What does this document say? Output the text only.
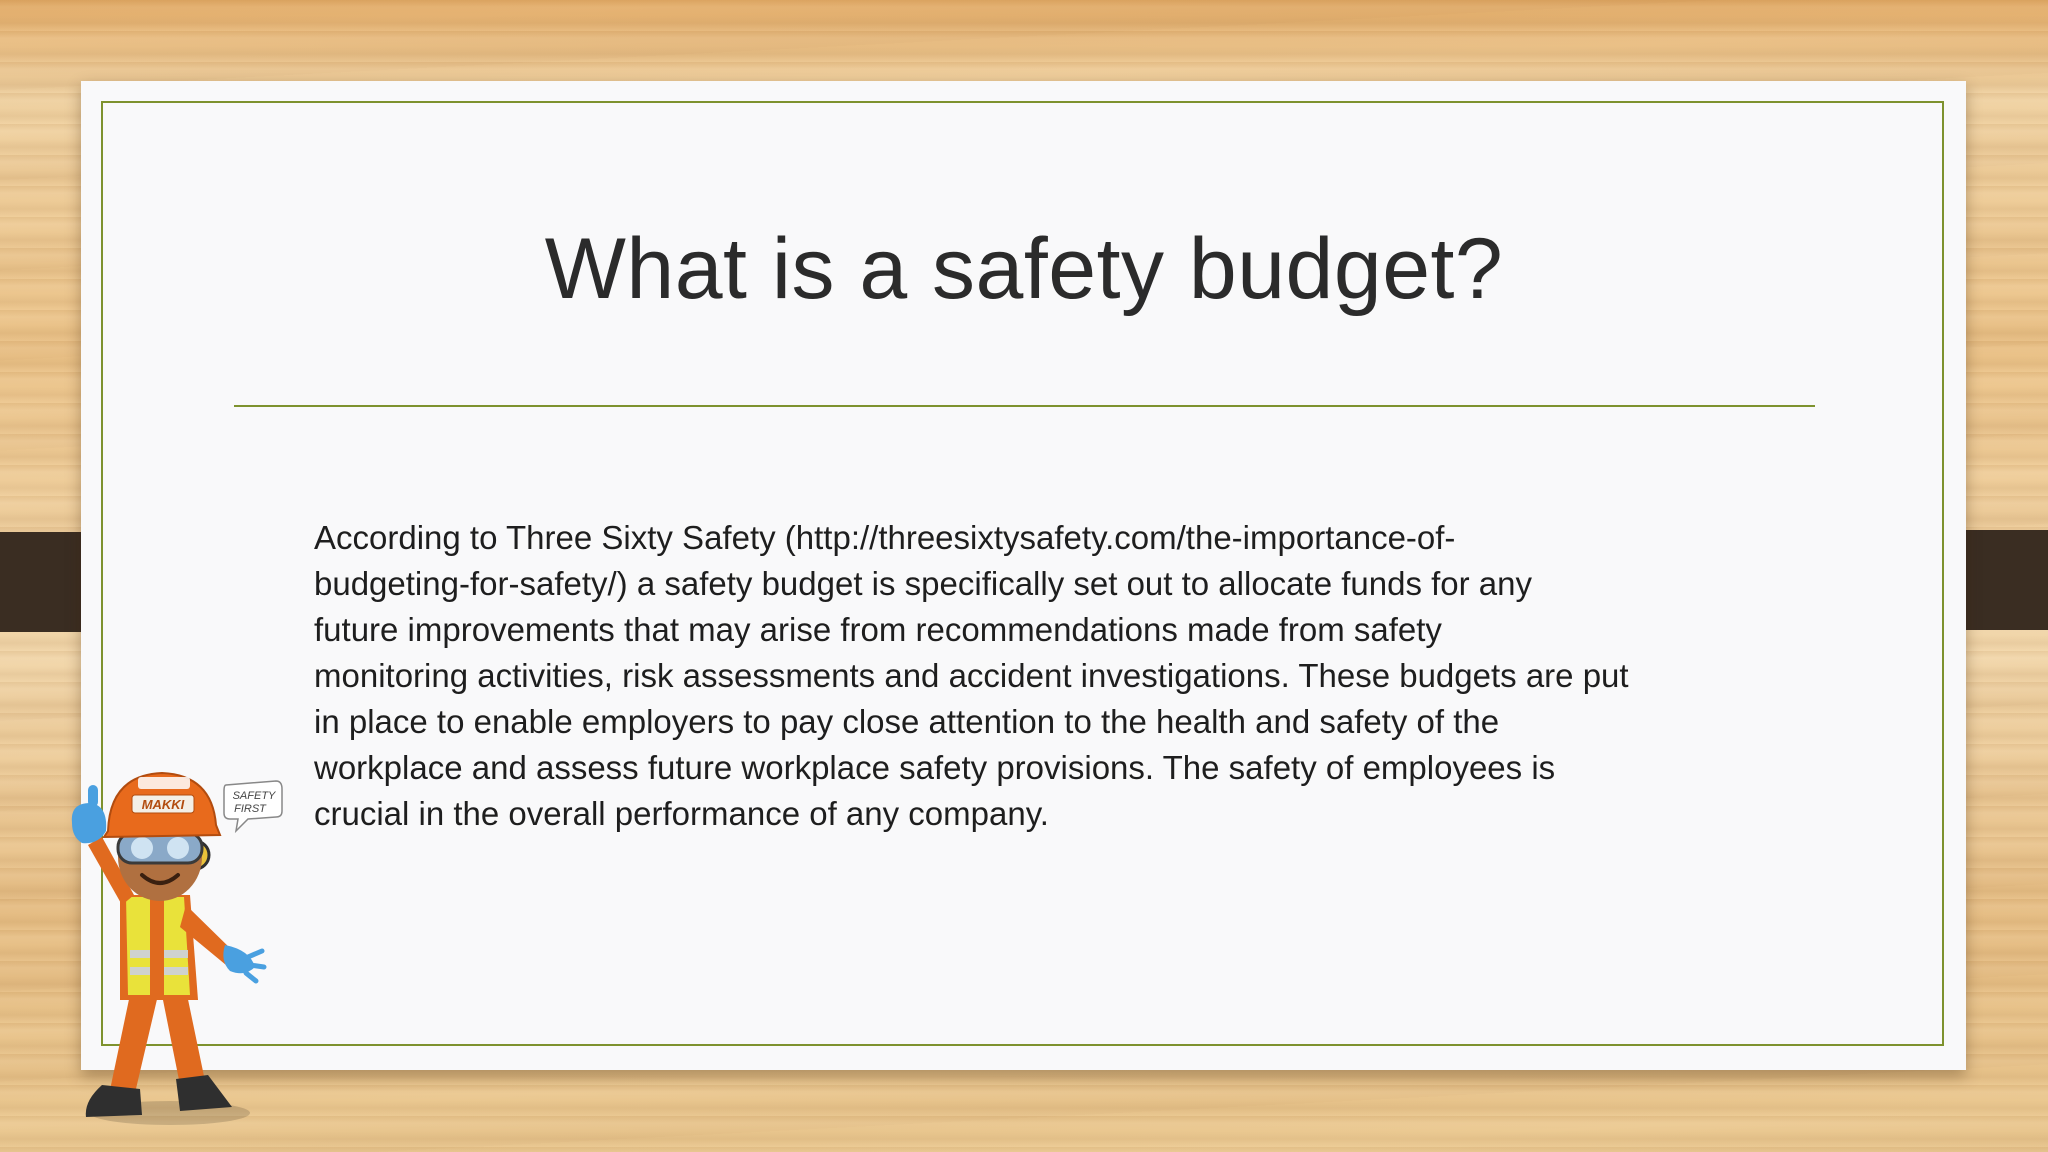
What is a safety budget?
According to Three Sixty Safety (http://threesixtysafety.com/the-importance-of-
budgeting-for-safety/) a safety budget is specifically set out to allocate funds for any
future improvements that may arise from recommendations made from safety
monitoring activities, risk assessments and accident investigations. These budgets are put
in place to enable employers to pay close attention to the health and safety of the
workplace and assess future workplace safety provisions. The safety of employees is
crucial in the overall performance of any company.
MAKKI
SAFETY
FIRST
